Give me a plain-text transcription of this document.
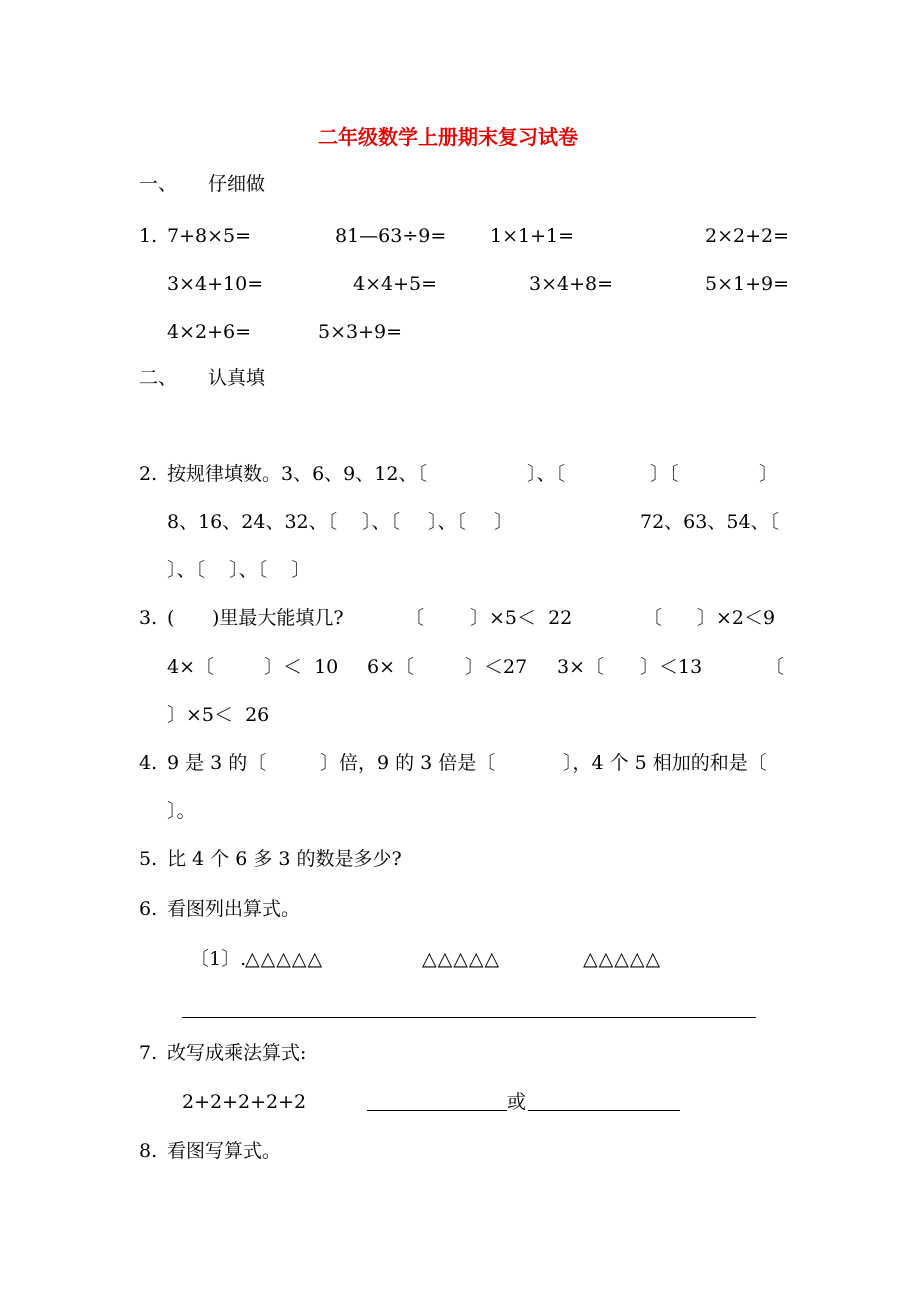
二年级数学上册期末复习试卷
一、 仔细做
1. 7+8×5=	81—63÷9= 1×1+1=	2×2+2=
3×4+10=	4×4+5=	3×4+8=	5×1+9=
4×2+6=	5×3+9=
二、 认真填
2. 按规律填数。3、6、9、12、〔	〕、〔	〕〔	〕
8、16、24、32、〔 〕、〔 〕、〔 〕	72、63、54、〔
〕、〔    〕、〔    〕
3. ( )里最大能填几?	〔 〕×5＜  22	〔 〕×2＜9
4×〔	〕＜  10 6×〔	〕＜27 3×〔 〕＜13	〔
〕×5＜  26
4. 9 是 3 的〔	〕倍，9 的 3 倍是〔	〕，4 个 5 相加的和是〔
〕。
5. 比 4 个 6 多 3 的数是多少?
6. 看图列出算式。
〔1〕.
△△△△△	△△△△△	△△△△△
7. 改写成乘法算式:
2+2+2+2+2	或
8. 看图写算式。
